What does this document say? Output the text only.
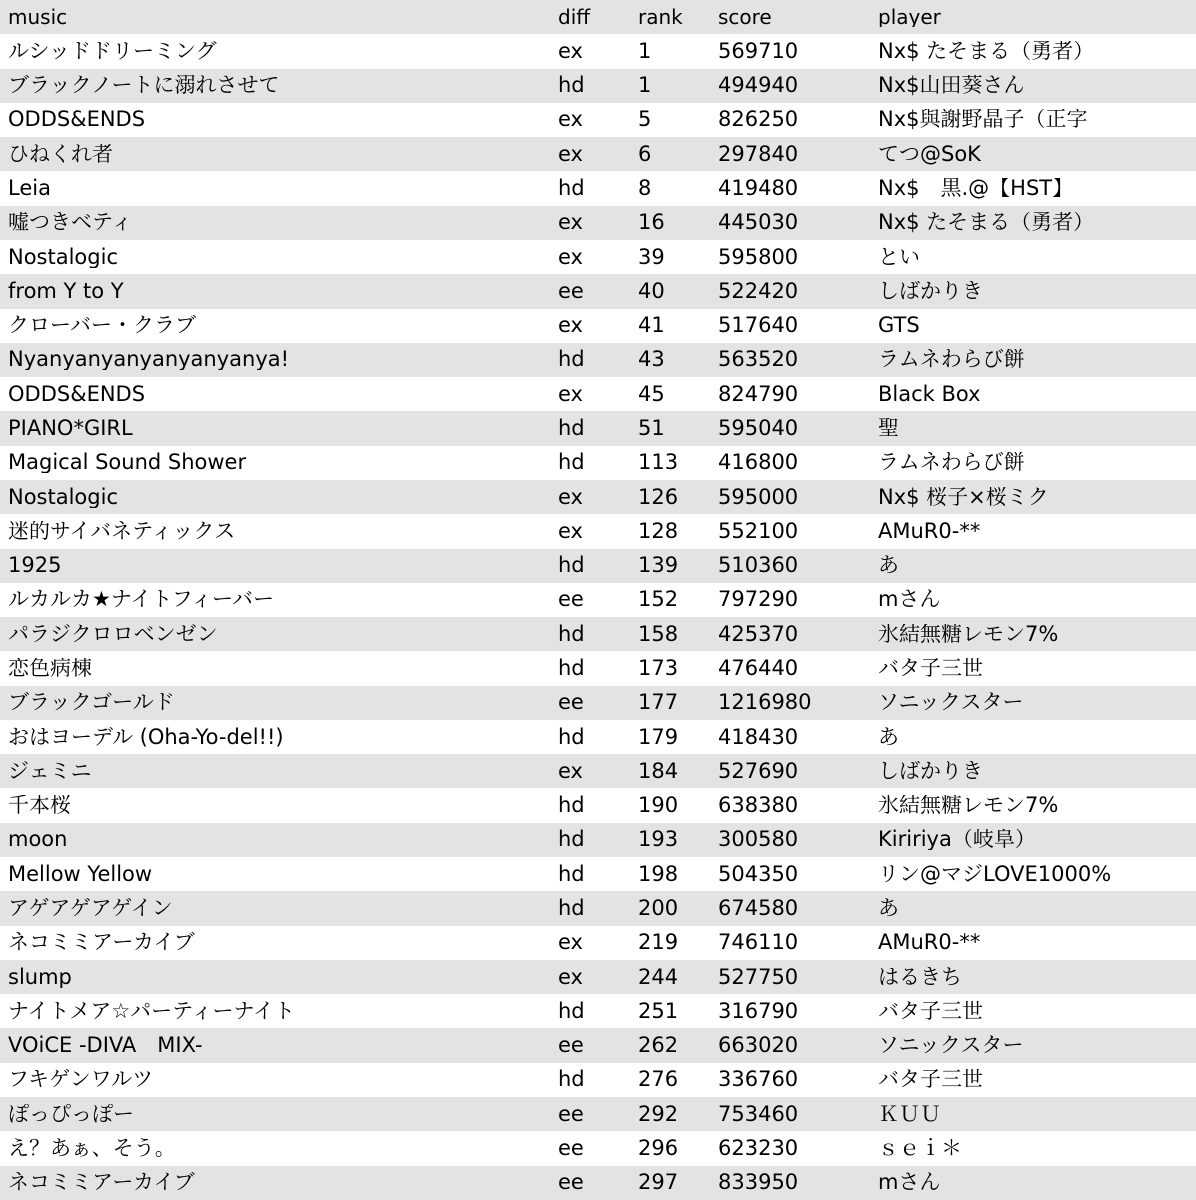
music	diff	rank	score	player
ルシッドドリーミング	ex	1	569710	Nx$ たそまる（勇者）
ブラックノートに溺れさせて	hd	1	494940	Nx$山田葵さん
ODDS&ENDS	ex	5	826250	Nx$與謝野晶子（正字
ひねくれ者	ex	6	297840	てつ@SoK
Leia	hd	8	419480	Nx$　黒.@【HST】
嘘つきベティ	ex	16	445030	Nx$ たそまる（勇者）
Nostalogic	ex	39	595800	とい
from Y to Y	ee	40	522420	しばかりき
クローバー・クラブ	ex	41	517640	GTS
Nyanyanyanyanyanyanya!	hd	43	563520	ラムネわらび餅
ODDS&ENDS	ex	45	824790	Black Box
PIANO*GIRL	hd	51	595040	聖
Magical Sound Shower	hd	113	416800	ラムネわらび餅
Nostalogic	ex	126	595000	Nx$ 桜子×桜ミク
迷的サイバネティックス	ex	128	552100	AMuR0-**
1925	hd	139	510360	あ
ルカルカ★ナイトフィーバー	ee	152	797290	mさん
パラジクロロベンゼン	hd	158	425370	氷結無糖レモン7%
恋色病棟	hd	173	476440	バタ子三世
ブラックゴールド	ee	177	1216980	ソニックスター
おはヨーデル (Oha-Yo-del!!)	hd	179	418430	あ
ジェミニ	ex	184	527690	しばかりき
千本桜	hd	190	638380	氷結無糖レモン7%
moon	hd	193	300580	Kiririya（岐阜）
Mellow Yellow	hd	198	504350	リン@マジLOVE1000%
アゲアゲアゲイン	hd	200	674580	あ
ネコミミアーカイブ	ex	219	746110	AMuR0-**
slump	ex	244	527750	はるきち
ナイトメア☆パーティーナイト	hd	251	316790	バタ子三世
VOiCE -DIVA　MIX-	ee	262	663020	ソニックスター
フキゲンワルツ	hd	276	336760	バタ子三世
ぽっぴっぽー	ee	292	753460	ＫＵＵ
え？あぁ、そう。	ee	296	623230	ｓｅｉ＊
ネコミミアーカイブ	ee	297	833950	mさん
